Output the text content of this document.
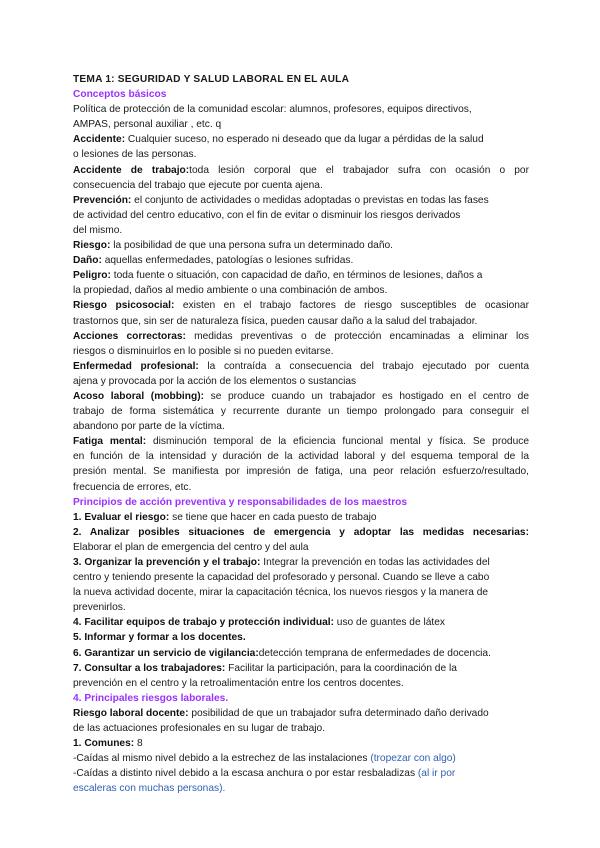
TEMA 1: SEGURIDAD Y SALUD LABORAL EN EL AULA
Conceptos básicos
Política de protección de la comunidad escolar: alumnos, profesores, equipos directivos,
AMPAS, personal auxiliar , etc. q
Accidente: Cualquier suceso, no esperado ni deseado que da lugar a pérdidas de la salud
o lesiones de las personas.
Accidente de trabajo:toda lesión corporal que el trabajador sufra con ocasión o por
consecuencia del trabajo que ejecute por cuenta ajena.
Prevención: el conjunto de actividades o medidas adoptadas o previstas en todas las fases
de actividad del centro educativo, con el fin de evitar o disminuir los riesgos derivados
del mismo.
Riesgo: la posibilidad de que una persona sufra un determinado daño.
Daño: aquellas enfermedades, patologías o lesiones sufridas.
Peligro: toda fuente o situación, con capacidad de daño, en términos de lesiones, daños a
la propiedad, daños al medio ambiente o una combinación de ambos.
Riesgo psicosocial: existen en el trabajo factores de riesgo susceptibles de ocasionar
trastornos que, sin ser de naturaleza física, pueden causar daño a la salud del trabajador.
Acciones correctoras: medidas preventivas o de protección encaminadas a eliminar los
riesgos o disminuirlos en lo posible si no pueden evitarse.
Enfermedad profesional: la contraída a consecuencia del trabajo ejecutado por cuenta
ajena y provocada por la acción de los elementos o sustancias
Acoso laboral (mobbing): se produce cuando un trabajador es hostigado en el centro de
trabajo de forma sistemática y recurrente durante un tiempo prolongado para conseguir el
abandono por parte de la víctima.
Fatiga mental: disminución temporal de la eficiencia funcional mental y física. Se produce
en función de la intensidad y duración de la actividad laboral y del esquema temporal de la
presión mental. Se manifiesta por impresión de fatiga, una peor relación esfuerzo/resultado,
frecuencia de errores, etc.
Principios de acción preventiva y responsabilidades de los maestros
1. Evaluar el riesgo: se tiene que hacer en cada puesto de trabajo
2. Analizar posibles situaciones de emergencia y adoptar las medidas necesarias:
Elaborar el plan de emergencia del centro y del aula
3. Organizar la prevención y el trabajo: Integrar la prevención en todas las actividades del
centro y teniendo presente la capacidad del profesorado y personal. Cuando se lleve a cabo
la nueva actividad docente, mirar la capacitación técnica, los nuevos riesgos y la manera de
prevenirlos.
4. Facilitar equipos de trabajo y protección individual: uso de guantes de látex
5. Informar y formar a los docentes.
6. Garantizar un servicio de vigilancia:detección temprana de enfermedades de docencia.
7. Consultar a los trabajadores: Facilitar la participación, para la coordinación de la
prevención en el centro y la retroalimentación entre los centros docentes.
4. Principales riesgos laborales.
Riesgo laboral docente: posibilidad de que un trabajador sufra determinado daño derivado
de las actuaciones profesionales en su lugar de trabajo.
1. Comunes: 8
-Caídas al mismo nivel debido a la estrechez de las instalaciones (tropezar con algo)
-Caídas a distinto nivel debido a la escasa anchura o por estar resbaladizas (al ir por
escaleras con muchas personas).
